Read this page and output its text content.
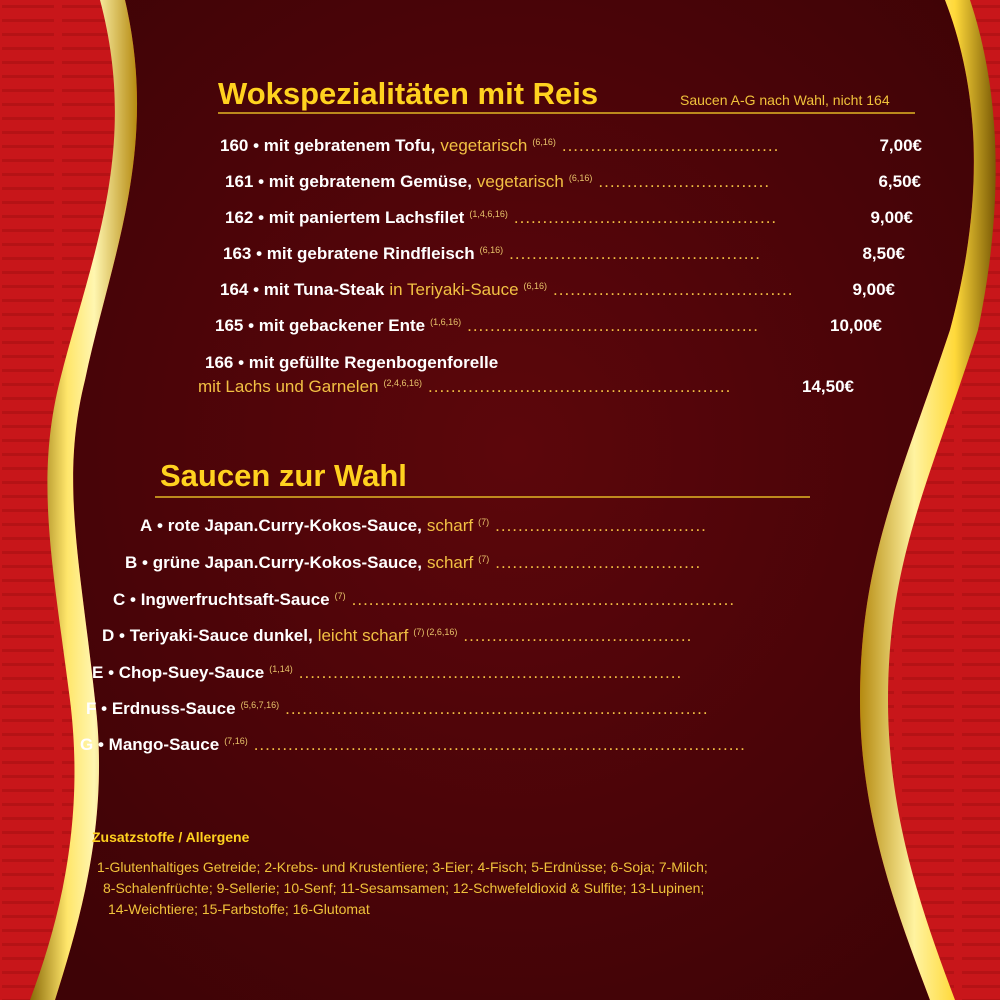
Wokspezialitäten mit Reis	Saucen A-G nach Wahl, nicht 164
160
•
mit gebratenem Tofu, vegetarisch (6,16) ......................................	7,00€
161
•
mit gebratenem Gemüse, vegetarisch (6,16) ..............................	6,50€
162
•
mit paniertem Lachsfilet (1,4,6,16) ..............................................	9,00€
163
•
mit gebratene Rindfleisch (6,16) ............................................	8,50€
164
•
mit Tuna-Steak in Teriyaki-Sauce (6,16) ..........................................	9,00€
165
•
mit gebackener Ente (1,6,16) ...................................................	10,00€
166
•
mit gefüllte Regenbogenforelle
mit Lachs und Garnelen (2,4,6,16) .....................................................	14,50€
Saucen zur Wahl
A
•
rote Japan.Curry-Kokos-Sauce, scharf (7) .....................................
B
•
grüne Japan.Curry-Kokos-Sauce, scharf (7) ....................................
C
•
Ingwerfruchtsaft-Sauce (7) ...................................................................
D
•
Teriyaki-Sauce dunkel, leicht scharf (7) (2,6,16) ........................................
E
•
Chop-Suey-Sauce (1,14) ...................................................................
F
•
Erdnuss-Sauce (5,6,7,16) ..........................................................................
G
•
Mango-Sauce (7,16) ......................................................................................
Zusatzstoffe / Allergene
1-Glutenhaltiges Getreide; 2-Krebs- und Krustentiere; 3-Eier; 4-Fisch; 5-Erdnüsse; 6-Soja; 7-Milch;
8-Schalenfrüchte; 9-Sellerie; 10-Senf; 11-Sesamsamen; 12-Schwefeldioxid & Sulfite; 13-Lupinen;
14-Weichtiere; 15-Farbstoffe; 16-Glutomat
